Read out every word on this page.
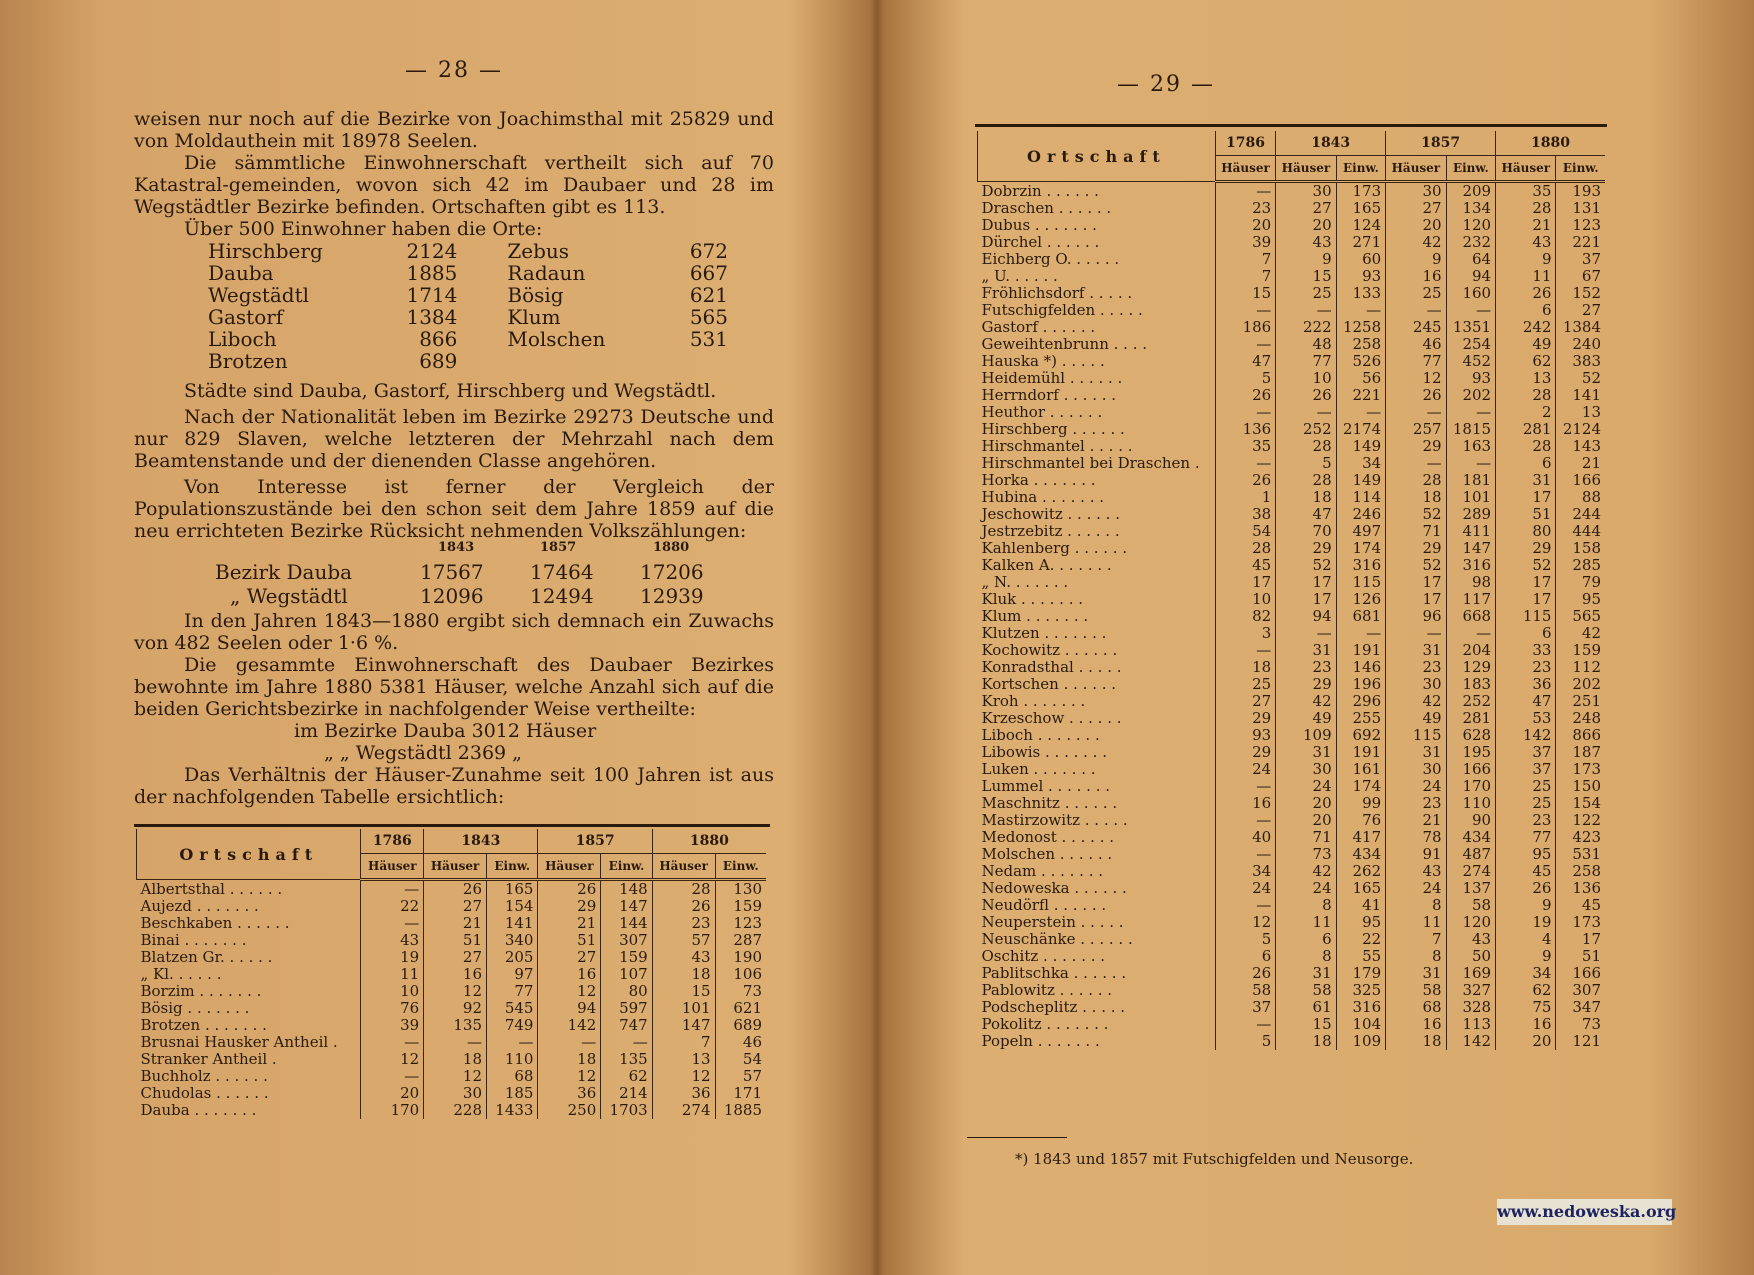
— 28 —

weisen nur noch auf die Bezirke von Joachimsthal mit 25829 und von Moldauthein mit 18978 Seelen.

Die sämmtliche Einwohnerschaft vertheilt sich auf 70 Katastral-gemeinden, wovon sich 42 im Daubaer und 28 im Wegstädtler Bezirke befinden. Ortschaften gibt es 113.

Über 500 Einwohner haben die Orte:

Hirschberg	2124	Zebus	672
Dauba	1885	Radaun	667
Wegstädtl	1714	Bösig	621
Gastorf	1384	Klum	565
Liboch	866	Molschen	531
Brotzen	689

Städte sind Dauba, Gastorf, Hirschberg und Wegstädtl.

Nach der Nationalität leben im Bezirke 29273 Deutsche und nur 829 Slaven, welche letzteren der Mehrzahl nach dem Beamtenstande und der dienenden Classe angehören.

Von Interesse ist ferner der Vergleich der Populationszustände bei den schon seit dem Jahre 1859 auf die neu errichteten Bezirke Rücksicht nehmenden Volkszählungen:

1843	1857	1880
Bezirk Dauba	17567 17464 17206
„ Wegstädtl	12096 12494 12939

In den Jahren 1843—1880 ergibt sich demnach ein Zuwachs von 482 Seelen oder 1·6 %.

Die gesammte Einwohnerschaft des Daubaer Bezirkes bewohnte im Jahre 1880 5381 Häuser, welche Anzahl sich auf die beiden Gerichtsbezirke in nachfolgender Weise vertheilte:

im Bezirke Dauba 3012 Häuser

„ „ Wegstädtl 2369 „

Das Verhältnis der Häuser-Zunahme seit 100 Jahren ist aus der nachfolgenden Tabelle ersichtlich:

Ortschaft	1786	1843		1857		1880	
	Häuser	Häuser	Einw.	Häuser	Einw.	Häuser	Einw.
Albertsthal . . . . . .	—	26	165	26	148	28	130
Aujezd . . . . . . .	22	27	154	29	147	26	159
Beschkaben . . . . . .	—	21	141	21	144	23	123
Binai . . . . . . .	43	51	340	51	307	57	287
Blatzen Gr. . . . . .	19	27	205	27	159	43	190
„ Kl. . . . . .	11	16	97	16	107	18	106
Borzim . . . . . . .	10	12	77	12	80	15	73
Bösig . . . . . . .	76	92	545	94	597	101	621
Brotzen . . . . . . .	39	135	749	142	747	147	689
Brusnai Hausker Antheil .	—	—	—	—	—	7	46
Stranker Antheil .	12	18	110	18	135	13	54
Buchholz . . . . . .	—	12	68	12	62	12	57
Chudolas . . . . . .	20	30	185	36	214	36	171
Dauba . . . . . . .	170	228	1433	250	1703	274	1885
— 29 —
Ortschaft	1786	1843		1857		1880	
	Häuser	Häuser	Einw.	Häuser	Einw.	Häuser	Einw.
Dobrzin . . . . . .	—	30	173	30	209	35	193
Draschen . . . . . .	23	27	165	27	134	28	131
Dubus . . . . . . .	20	20	124	20	120	21	123
Dürchel . . . . . .	39	43	271	42	232	43	221
Eichberg O. . . . . .	7	9	60	9	64	9	37
„ U. . . . . .	7	15	93	16	94	11	67
Fröhlichsdorf . . . . .	15	25	133	25	160	26	152
Futschigfelden . . . . .	—	—	—	—	—	6	27
Gastorf . . . . . .	186	222	1258	245	1351	242	1384
Geweihtenbrunn . . . .	—	48	258	46	254	49	240
Hauska *) . . . . .	47	77	526	77	452	62	383
Heidemühl . . . . . .	5	10	56	12	93	13	52
Herrndorf . . . . . .	26	26	221	26	202	28	141
Heuthor . . . . . .	—	—	—	—	—	2	13
Hirschberg . . . . . .	136	252	2174	257	1815	281	2124
Hirschmantel . . . . .	35	28	149	29	163	28	143
Hirschmantel bei Draschen .	—	5	34	—	—	6	21
Horka . . . . . . .	26	28	149	28	181	31	166
Hubina . . . . . . .	1	18	114	18	101	17	88
Jeschowitz . . . . . .	38	47	246	52	289	51	244
Jestrzebitz . . . . . .	54	70	497	71	411	80	444
Kahlenberg . . . . . .	28	29	174	29	147	29	158
Kalken A. . . . . . .	45	52	316	52	316	52	285
„ N. . . . . . .	17	17	115	17	98	17	79
Kluk . . . . . . .	10	17	126	17	117	17	95
Klum . . . . . . .	82	94	681	96	668	115	565
Klutzen . . . . . . .	3	—	—	—	—	6	42
Kochowitz . . . . . .	—	31	191	31	204	33	159
Konradsthal . . . . .	18	23	146	23	129	23	112
Kortschen . . . . . .	25	29	196	30	183	36	202
Kroh . . . . . . .	27	42	296	42	252	47	251
Krzeschow . . . . . .	29	49	255	49	281	53	248
Liboch . . . . . . .	93	109	692	115	628	142	866
Libowis . . . . . . .	29	31	191	31	195	37	187
Luken . . . . . . .	24	30	161	30	166	37	173
Lummel . . . . . . .	—	24	174	24	170	25	150
Maschnitz . . . . . .	16	20	99	23	110	25	154
Mastirzowitz . . . . .	—	20	76	21	90	23	122
Medonost . . . . . .	40	71	417	78	434	77	423
Molschen . . . . . .	—	73	434	91	487	95	531
Nedam . . . . . . .	34	42	262	43	274	45	258
Nedoweska . . . . . .	24	24	165	24	137	26	136
Neudörfl . . . . . .	—	8	41	8	58	9	45
Neuperstein . . . . .	12	11	95	11	120	19	173
Neuschänke . . . . . .	5	6	22	7	43	4	17
Oschitz . . . . . . .	6	8	55	8	50	9	51
Pablitschka . . . . . .	26	31	179	31	169	34	166
Pablowitz . . . . . .	58	58	325	58	327	62	307
Podscheplitz . . . . .	37	61	316	68	328	75	347
Pokolitz . . . . . . .	—	15	104	16	113	16	73
Popeln . . . . . . .	5	18	109	18	142	20	121
*) 1843 und 1857 mit Futschigfelden und Neusorge.
www.nedoweska.org
